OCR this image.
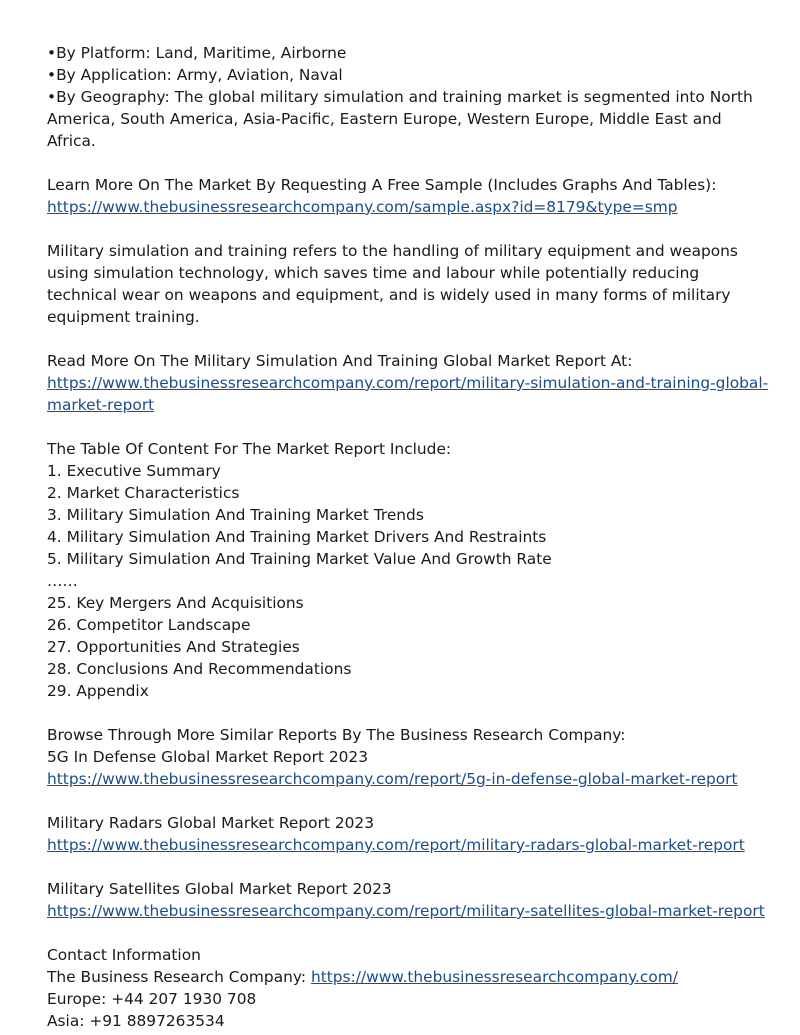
•By Platform: Land, Maritime, Airborne
•By Application: Army, Aviation, Naval
•By Geography: The global military simulation and training market is segmented into North America, South America, Asia-Pacific, Eastern Europe, Western Europe, Middle East and Africa.
Learn More On The Market By Requesting A Free Sample (Includes Graphs And Tables):
https://www.thebusinessresearchcompany.com/sample.aspx?id=8179&type=smp
Military simulation and training refers to the handling of military equipment and weapons using simulation technology, which saves time and labour while potentially reducing technical wear on weapons and equipment, and is widely used in many forms of military equipment training.
Read More On The Military Simulation And Training Global Market Report At:
https://www.thebusinessresearchcompany.com/report/military-simulation-and-training-global-
market-report
The Table Of Content For The Market Report Include:
1. Executive Summary
2. Market Characteristics
3. Military Simulation And Training Market Trends
4. Military Simulation And Training Market Drivers And Restraints
5. Military Simulation And Training Market Value And Growth Rate
……
25. Key Mergers And Acquisitions
26. Competitor Landscape
27. Opportunities And Strategies
28. Conclusions And Recommendations
29. Appendix
Browse Through More Similar Reports By The Business Research Company:
5G In Defense Global Market Report 2023
https://www.thebusinessresearchcompany.com/report/5g-in-defense-global-market-report
Military Radars Global Market Report 2023
https://www.thebusinessresearchcompany.com/report/military-radars-global-market-report
Military Satellites Global Market Report 2023
https://www.thebusinessresearchcompany.com/report/military-satellites-global-market-report
Contact Information
The Business Research Company: https://www.thebusinessresearchcompany.com/
Europe: +44 207 1930 708
Asia: +91 8897263534
